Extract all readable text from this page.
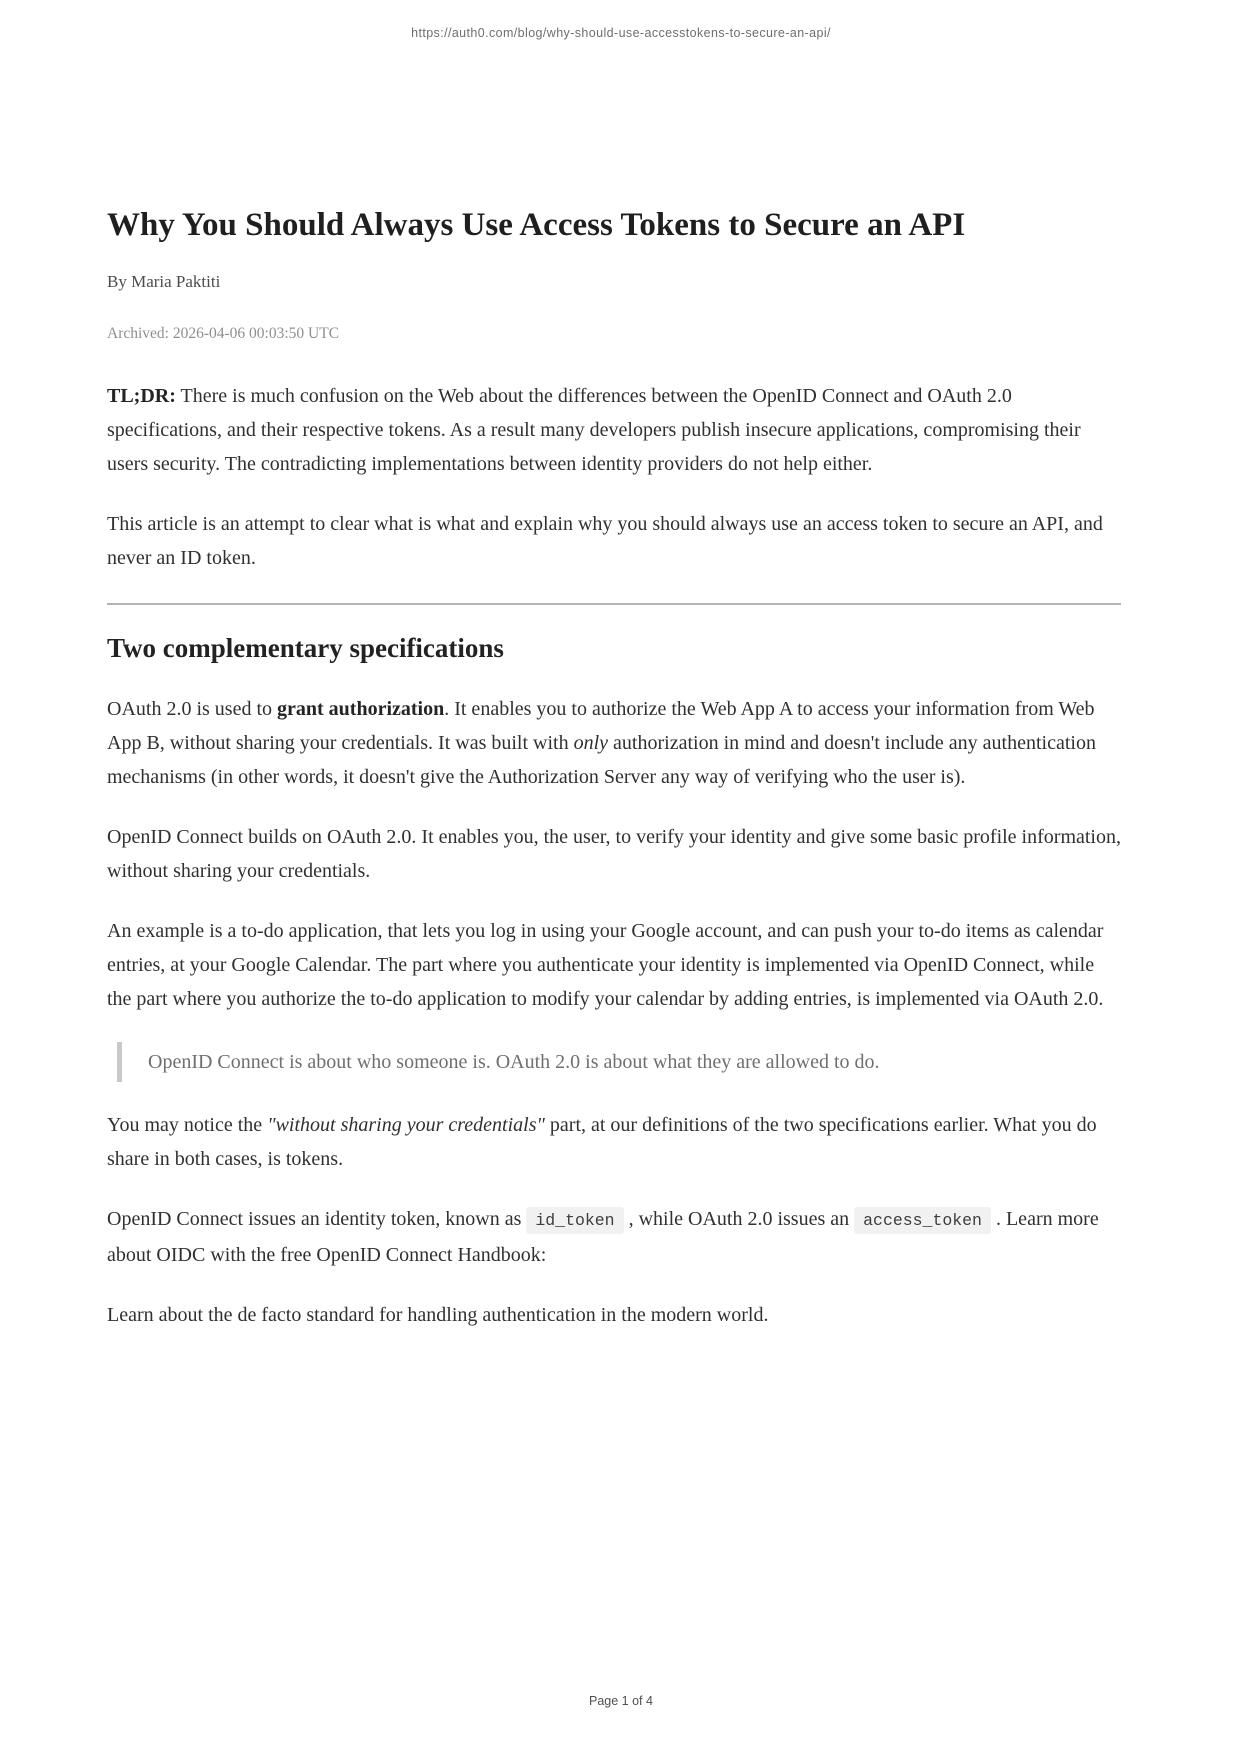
https://auth0.com/blog/why-should-use-accesstokens-to-secure-an-api/
Why You Should Always Use Access Tokens to Secure an API
By Maria Paktiti
Archived: 2026-04-06 00:03:50 UTC

TL;DR: There is much confusion on the Web about the differences between the OpenID Connect and OAuth 2.0 specifications, and their respective tokens. As a result many developers publish insecure applications, compromising their users security. The contradicting implementations between identity providers do not help either.

This article is an attempt to clear what is what and explain why you should always use an access token to secure an API, and never an ID token.

Two complementary specifications

OAuth 2.0 is used to grant authorization. It enables you to authorize the Web App A to access your information from Web App B, without sharing your credentials. It was built with only authorization in mind and doesn't include any authentication mechanisms (in other words, it doesn't give the Authorization Server any way of verifying who the user is).

OpenID Connect builds on OAuth 2.0. It enables you, the user, to verify your identity and give some basic profile information, without sharing your credentials.

An example is a to-do application, that lets you log in using your Google account, and can push your to-do items as calendar entries, at your Google Calendar. The part where you authenticate your identity is implemented via OpenID Connect, while the part where you authorize the to-do application to modify your calendar by adding entries, is implemented via OAuth 2.0.

OpenID Connect is about who someone is. OAuth 2.0 is about what they are allowed to do.

You may notice the "without sharing your credentials" part, at our definitions of the two specifications earlier. What you do share in both cases, is tokens.

OpenID Connect issues an identity token, known as id_token , while OAuth 2.0 issues an access_token . Learn more about OIDC with the free OpenID Connect Handbook:

Learn about the de facto standard for handling authentication in the modern world.

Page 1 of 4
